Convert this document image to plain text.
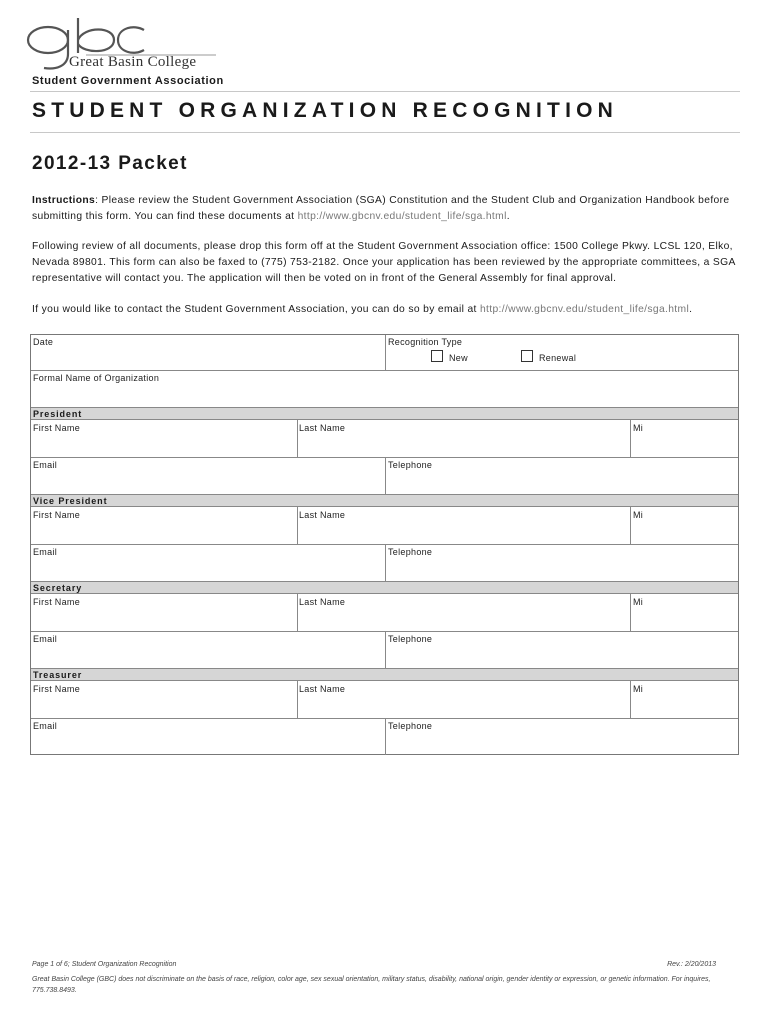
Great Basin College
Student Government Association
STUDENT ORGANIZATION RECOGNITION
2012-13 Packet
Instructions: Please review the Student Government Association (SGA) Constitution and the Student Club and Organization Handbook before submitting this form. You can find these documents at http://www.gbcnv.edu/student_life/sga.html.
Following review of all documents, please drop this form off at the Student Government Association office: 1500 College Pkwy. LCSL 120, Elko, Nevada 89801. This form can also be faxed to (775) 753-2182. Once your application has been reviewed by the appropriate committees, a SGA representative will contact you. The application will then be voted on in front of the General Assembly for final approval.
If you would like to contact the Student Government Association, you can do so by email at http://www.gbcnv.edu/student_life/sga.html.
Date	Recognition Type
New	Renewal
Formal Name of Organization
President
First Name	Last Name	Mi
Email	Telephone
Vice President
First Name	Last Name	Mi
Email	Telephone
Secretary
First Name	Last Name	Mi
Email	Telephone
Treasurer
First Name	Last Name	Mi
Email	Telephone
Page 1 of 6; Student Organization Recognition	Rev.: 2/20/2013
Great Basin College (GBC) does not discriminate on the basis of race, religion, color age, sex sexual orientation, military status, disability, national origin, gender identity or expression, or genetic information. For inquires, 775.738.8493.
